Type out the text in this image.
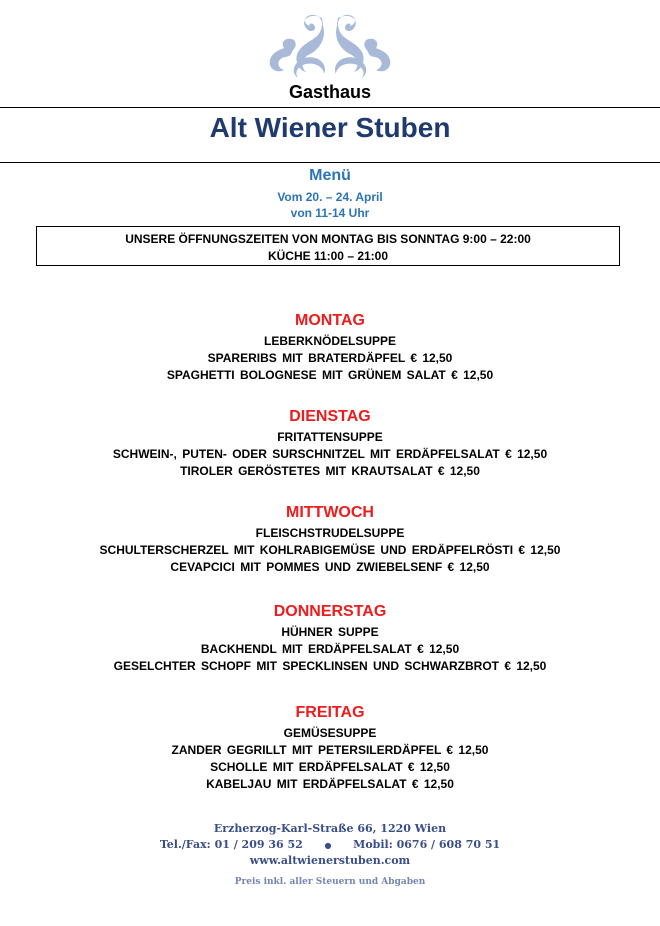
Gasthaus
Alt Wiener Stuben
Menü
Vom 20. – 24. April
von 11-14 Uhr
UNSERE ÖFFNUNGSZEITEN VON MONTAG BIS SONNTAG 9:00 – 22:00
KÜCHE 11:00 – 21:00
MONTAG
LEBERKNÖDELSUPPE
SPARERIBS MIT BRATERDÄPFEL € 12,50
SPAGHETTI BOLOGNESE MIT GRÜNEM SALAT € 12,50
DIENSTAG
FRITATTENSUPPE
SCHWEIN-, PUTEN- ODER SURSCHNITZEL MIT ERDÄPFELSALAT € 12,50
TIROLER GERÖSTETES MIT KRAUTSALAT € 12,50
MITTWOCH
FLEISCHSTRUDELSUPPE
SCHULTERSCHERZEL MIT KOHLRABIGEMÜSE UND ERDÄPFELRÖSTI € 12,50
CEVAPCICI MIT POMMES UND ZWIEBELSENF € 12,50
DONNERSTAG
HÜHNER SUPPE
BACKHENDL MIT ERDÄPFELSALAT € 12,50
GESELCHTER SCHOPF MIT SPECKLINSEN UND SCHWARZBROT € 12,50
FREITAG
GEMÜSESUPPE
ZANDER GEGRILLT MIT PETERSILERDÄPFEL € 12,50
SCHOLLE MIT ERDÄPFELSALAT € 12,50
KABELJAU MIT ERDÄPFELSALAT € 12,50
Erzherzog-Karl-Straße 66, 1220 Wien
Tel./Fax: 01 / 209 36 52	● Mobil: 0676 / 608 70 51
www.altwienerstuben.com
Preis inkl. aller Steuern und Abgaben
